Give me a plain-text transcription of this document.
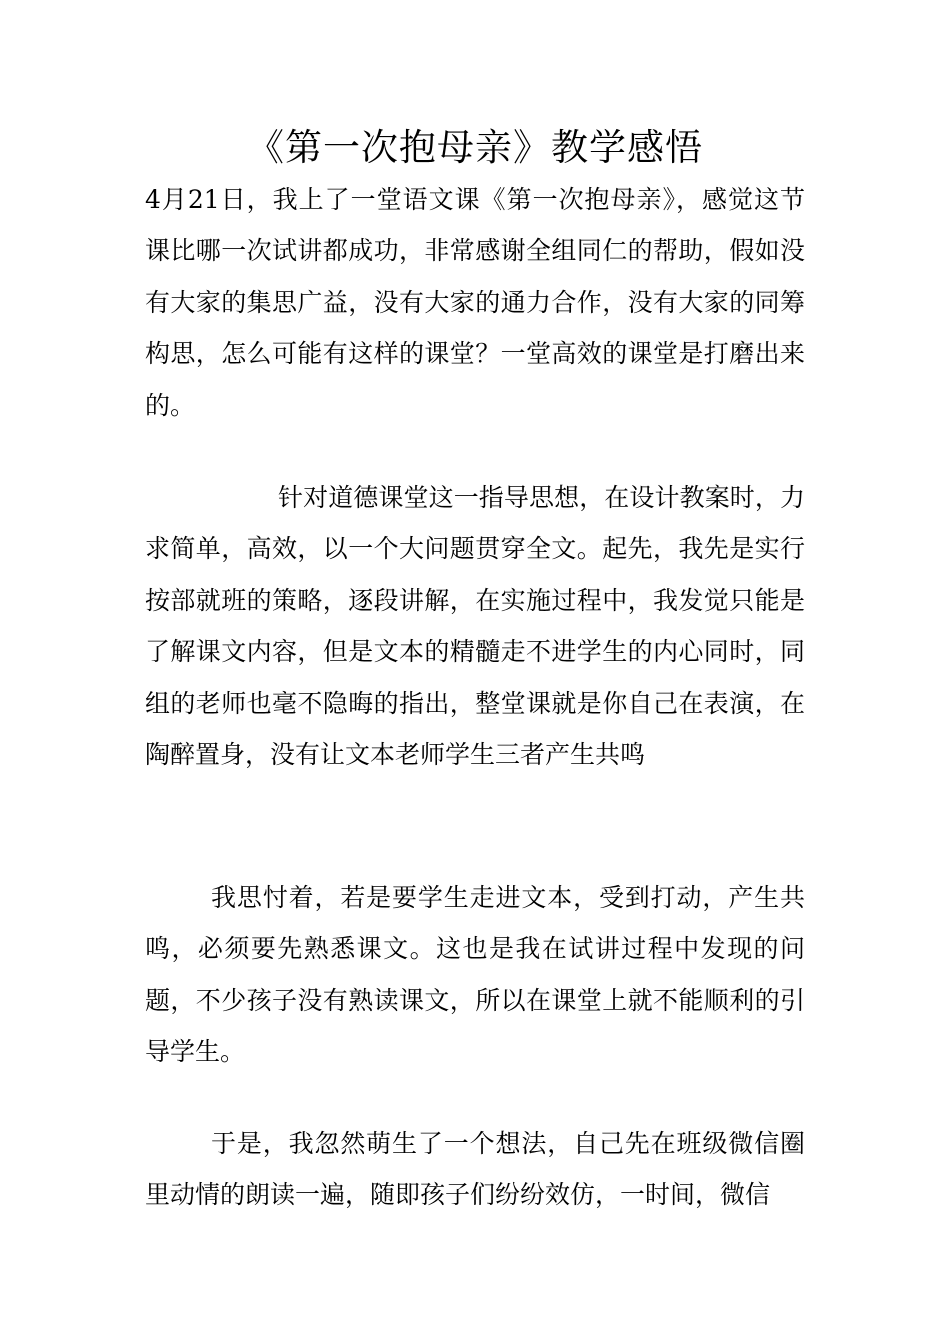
《第一次抱母亲》教学感悟

4月21日，我上了一堂语文课《第一次抱母亲》，感觉这节课比哪一次试讲都成功，非常感谢全组同仁的帮助，假如没有大家的集思广益，没有大家的通力合作，没有大家的同筹构思，怎么可能有这样的课堂？一堂高效的课堂是打磨出来的。

针对道德课堂这一指导思想，在设计教案时，力求简单，高效，以一个大问题贯穿全文。起先，我先是实行按部就班的策略，逐段讲解，在实施过程中，我发觉只能是了解课文内容，但是文本的精髓走不进学生的内心同时，同组的老师也毫不隐晦的指出，整堂课就是你自己在表演，在陶醉置身，没有让文本老师学生三者产生共鸣

我思忖着，若是要学生走进文本，受到打动，产生共鸣，必须要先熟悉课文。这也是我在试讲过程中发现的问题，不少孩子没有熟读课文，所以在课堂上就不能顺利的引导学生。

于是，我忽然萌生了一个想法，自己先在班级微信圈里动情的朗读一遍，随即孩子们纷纷效仿，一时间，微信
